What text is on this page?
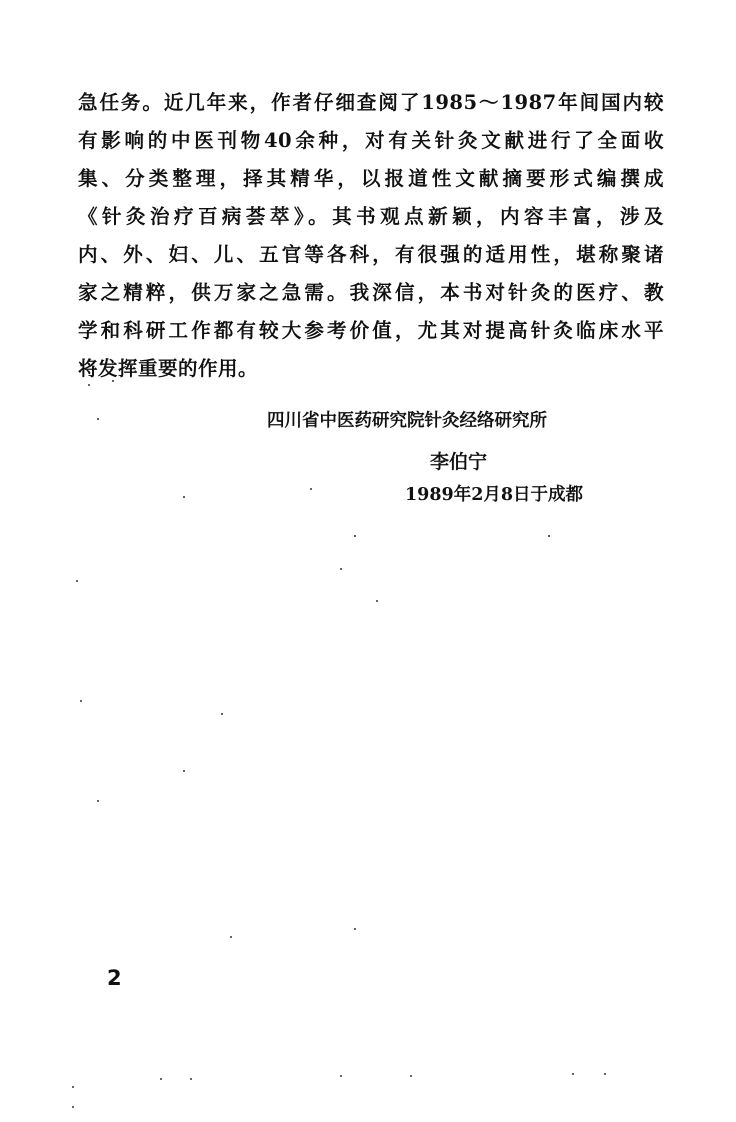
急任务。近几年来，作者仔细查阅了1985～1987年间国内较
有影响的中医刊物40余种，对有关针灸文献进行了全面收
集、分类整理，择其精华，以报道性文献摘要形式编撰成
《针灸治疗百病荟萃》。其书观点新颖，内容丰富，涉及
内、外、妇、儿、五官等各科，有很强的适用性，堪称聚诸
家之精粹，供万家之急需。我深信，本书对针灸的医疗、教
学和科研工作都有较大参考价值，尤其对提高针灸临床水平
将发挥重要的作用。
四川省中医药研究院针灸经络研究所
李伯宁
1989年2月8日于成都
2
